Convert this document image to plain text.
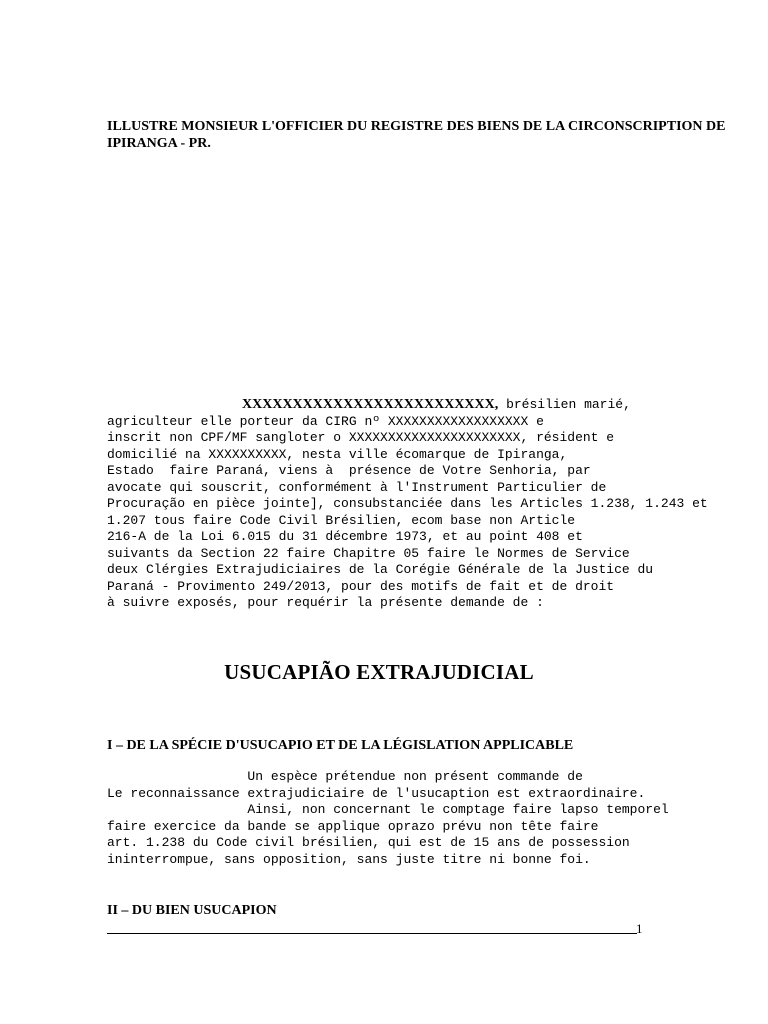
ILLUSTRE MONSIEUR L'OFFICIER DU REGISTRE DES BIENS DE LA CIRCONSCRIPTION DE IPIRANGA - PR.
XXXXXXXXXXXXXXXXXXXXXXXXX, brésilien marié,
agriculteur elle porteur da CIRG nº XXXXXXXXXXXXXXXXXX e
inscrit non CPF/MF sangloter o XXXXXXXXXXXXXXXXXXXXXX, résident e
domicilié na XXXXXXXXXX, nesta ville écomarque de Ipiranga,
Estado  faire Paraná, viens à  présence de Votre Senhoria, par
avocate qui souscrit, conformément à l'Instrument Particulier de
Procuração en pièce jointe], consubstanciée dans les Articles 1.238, 1.243 et
1.207 tous faire Code Civil Brésilien, ecom base non Article
216-A de la Loi 6.015 du 31 décembre 1973, et au point 408 et
suivants da Section 22 faire Chapitre 05 faire le Normes de Service
deux Clérgies Extrajudiciaires de la Corégie Générale de la Justice du
Paraná - Provimento 249/2013, pour des motifs de fait et de droit
à suivre exposés, pour requérir la présente demande de :
USUCAPIÃO EXTRAJUDICIAL
I – DE LA SPÉCIE D'USUCAPIO ET DE LA LÉGISLATION APPLICABLE
Un espèce prétendue non présent commande de
Le reconnaissance extrajudiciaire de l'usucaption est extraordinaire.
Ainsi, non concernant le comptage faire lapso temporel
faire exercice da bande se applique oprazo prévu non tête faire
art. 1.238 du Code civil brésilien, qui est de 15 ans de possession
ininterrompue, sans opposition, sans juste titre ni bonne foi.
II – DU BIEN USUCAPION
1
